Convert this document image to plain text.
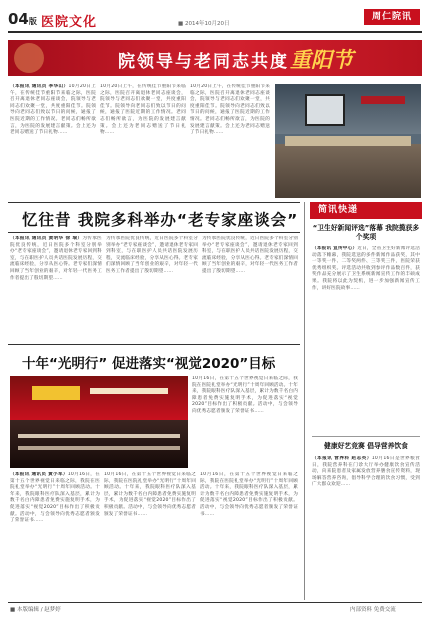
04版 医院文化	■ 2014年10月20日
周仁院讯
院领导与老同志共度 重阳节
（本报讯 通讯员 李华山）10月20日上午，在传统佳节重阳节来临之际，医院召开离退休老同志座谈会，院领导与老同志们欢聚一堂，共度重阳佳节。院领导向老同志们致以节日的问候，通报了医院近期的工作情况。老同志们畅所欲言，为医院的发展建言献策。会上还为老同志赠送了节日礼物……
10月20日上午，在传统佳节重阳节来临之际，医院召开离退休老同志座谈会，院领导与老同志们欢聚一堂，共度重阳佳节。院领导向老同志们致以节日的问候，通报了医院近期的工作情况。老同志们畅所欲言，为医院的发展建言献策。会上还为老同志赠送了节日礼物……
10月20日上午，在传统佳节重阳节来临之际，医院召开离退休老同志座谈会，院领导与老同志们欢聚一堂，共度重阳佳节。院领导向老同志们致以节日的问候，通报了医院近期的工作情况。老同志们畅所欲言，为医院的发展建言献策。会上还为老同志赠送了节日礼物……
忆往昔 我院多科举办“老专家座谈会”
（本报讯 通讯员 黄明华 徐 瑞）为传承医院优良传统，近日医院多个科室分别举办“老专家座谈会”，邀请退休老专家回到科室，与在职医护人员共话医院发展历程，交流临床经验，分享从医心得。老专家们深情回顾了当年创业的艰辛，对年轻一代医务工作者提出了殷切期望……
为传承医院优良传统，近日医院多个科室分别举办“老专家座谈会”，邀请退休老专家回到科室，与在职医护人员共话医院发展历程，交流临床经验，分享从医心得。老专家们深情回顾了当年创业的艰辛，对年轻一代医务工作者提出了殷切期望……
为传承医院优良传统，近日医院多个科室分别举办“老专家座谈会”，邀请退休老专家回到科室，与在职医护人员共话医院发展历程，交流临床经验，分享从医心得。老专家们深情回顾了当年创业的艰辛，对年轻一代医务工作者提出了殷切期望……
十年“光明行” 促进落实“视觉2020”目标
10月16日，在第十五个世界视觉日来临之际，我院在医院礼堂举办“光明行”十周年回顾活动。十年来，我院眼科医疗队深入基层，累计为数千名白内障患者免费实施复明手术，为促进落实“视觉2020”目标作出了积极贡献。活动中，与会领导向优秀志愿者颁发了荣誉证书……
（本报讯 通讯员 黄小军）10月16日，在第十五个世界视觉日来临之际，我院在医院礼堂举办“光明行”十周年回顾活动。十年来，我院眼科医疗队深入基层，累计为数千名白内障患者免费实施复明手术，为促进落实“视觉2020”目标作出了积极贡献。活动中，与会领导向优秀志愿者颁发了荣誉证书……
10月16日，在第十五个世界视觉日来临之际，我院在医院礼堂举办“光明行”十周年回顾活动。十年来，我院眼科医疗队深入基层，累计为数千名白内障患者免费实施复明手术，为促进落实“视觉2020”目标作出了积极贡献。活动中，与会领导向优秀志愿者颁发了荣誉证书……
10月16日，在第十五个世界视觉日来临之际，我院在医院礼堂举办“光明行”十周年回顾活动。十年来，我院眼科医疗队深入基层，累计为数千名白内障患者免费实施复明手术，为促进落实“视觉2020”目标作出了积极贡献。活动中，与会领导向优秀志愿者颁发了荣誉证书……
简讯快递
“卫生好新闻评选”落幕 我院揽获多个奖项
（本报讯 宣传中心）近日，全省卫生好新闻评选活动落下帷幕，我院选送的多件新闻作品获奖，其中一等奖一件、二等奖两件、三等奖三件，医院荣获优秀组织奖。评选活动共收到参评作品数百件，获奖作品充分展示了卫生系统新闻宣传工作的丰硕成果。我院将以此为契机，进一步加强新闻宣传工作，讲好医院故事……
健康好艺竞赛 倡导营养饮食
（本报讯 营养科 赵志英）10月16日是世界粮食日，我院营养科在门诊大厅举办健康饮食宣传活动，向来院患者及家属发放营养膳食宣传资料，现场解答营养咨询，倡导科学合理的饮食习惯，受到广大群众欢迎……
■ 本版编辑 / 赵梦婷	内部资料 免费交流
